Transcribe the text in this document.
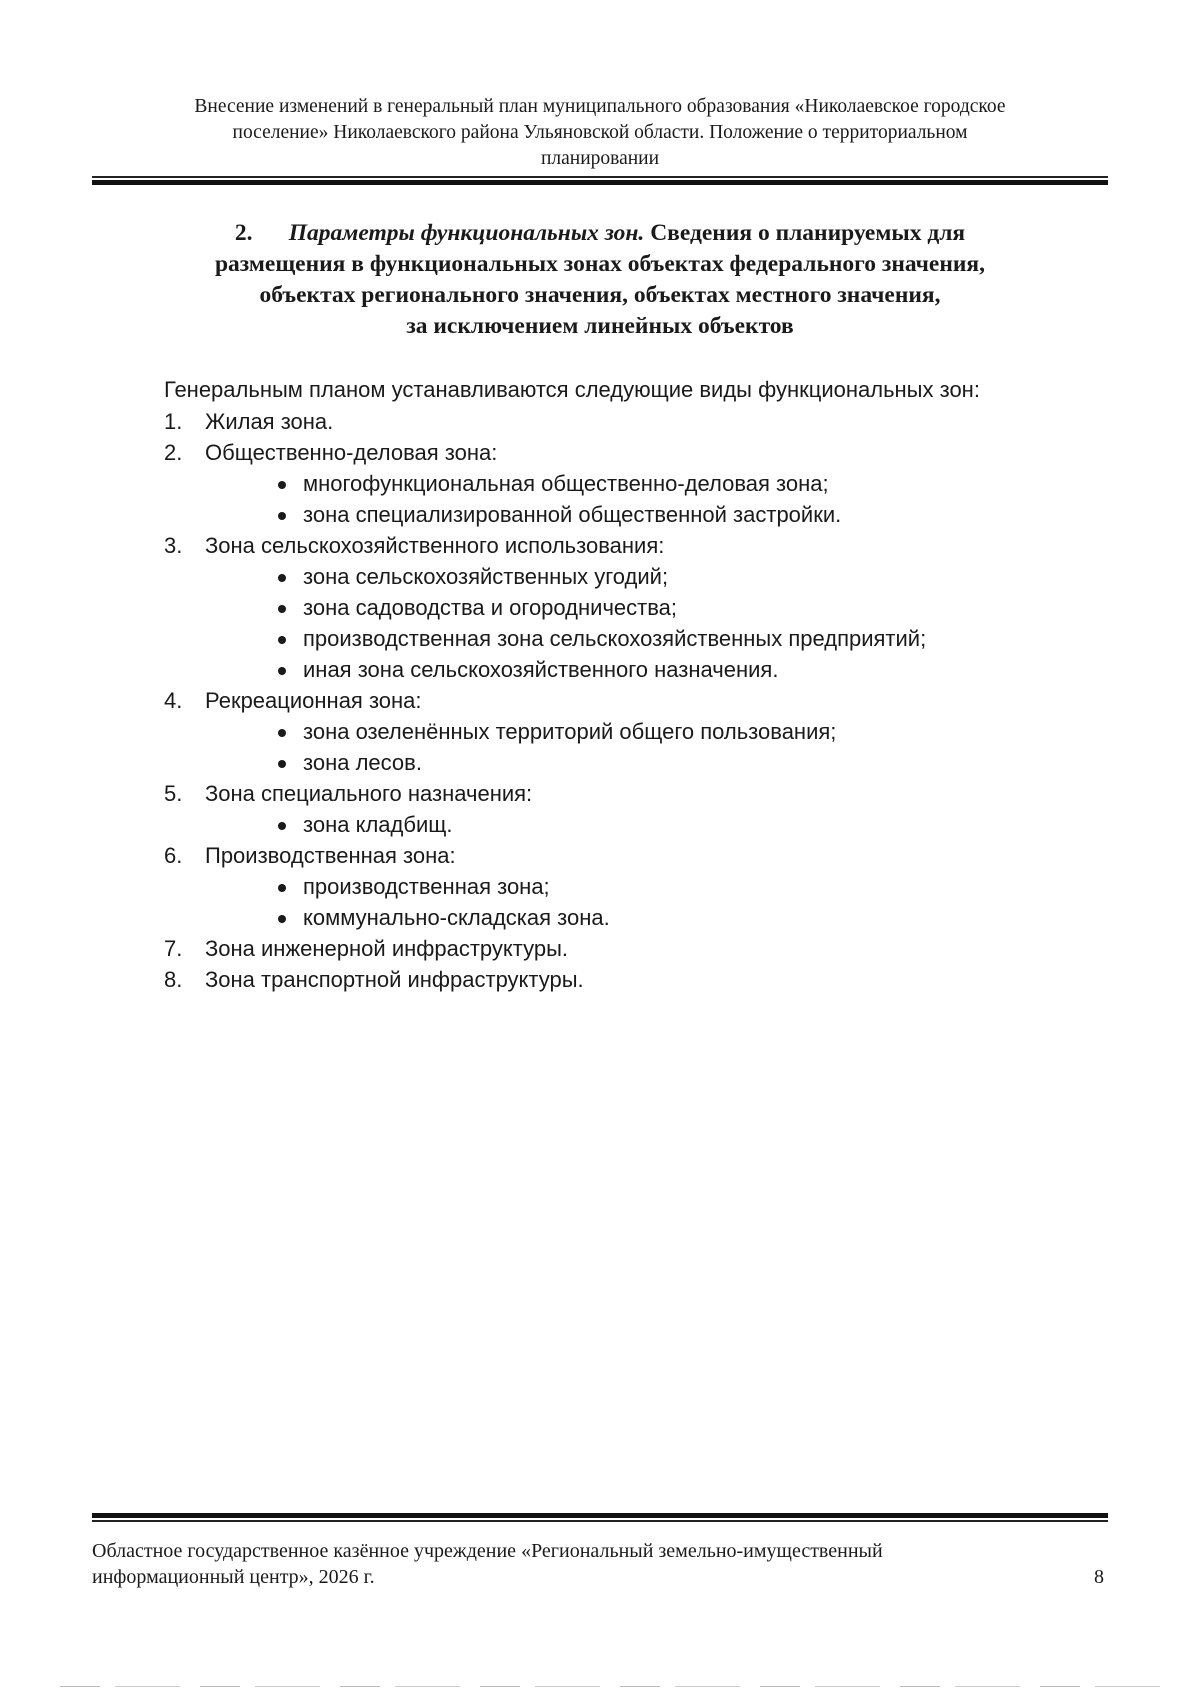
Внесение изменений в генеральный план муниципального образования «Николаевское городское
поселение» Николаевского района Ульяновской области. Положение о территориальном
планировании
2. Параметры функциональных зон. Сведения о планируемых для
размещения в функциональных зонах объектах федерального значения,
объектах регионального значения, объектах местного значения,
за исключением линейных объектов
Генеральным планом устанавливаются следующие виды функциональных зон:
1. Жилая зона.
2. Общественно-деловая зона:
многофункциональная общественно-деловая зона;
зона специализированной общественной застройки.
3. Зона сельскохозяйственного использования:
зона сельскохозяйственных угодий;
зона садоводства и огородничества;
производственная зона сельскохозяйственных предприятий;
иная зона сельскохозяйственного назначения.
4. Рекреационная зона:
зона озеленённых территорий общего пользования;
зона лесов.
5. Зона специального назначения:
зона кладбищ.
6. Производственная зона:
производственная зона;
коммунально-складская зона.
7. Зона инженерной инфраструктуры.
8. Зона транспортной инфраструктуры.
Областное государственное казённое учреждение «Региональный земельно-имущественный
информационный центр», 2026 г.	8
